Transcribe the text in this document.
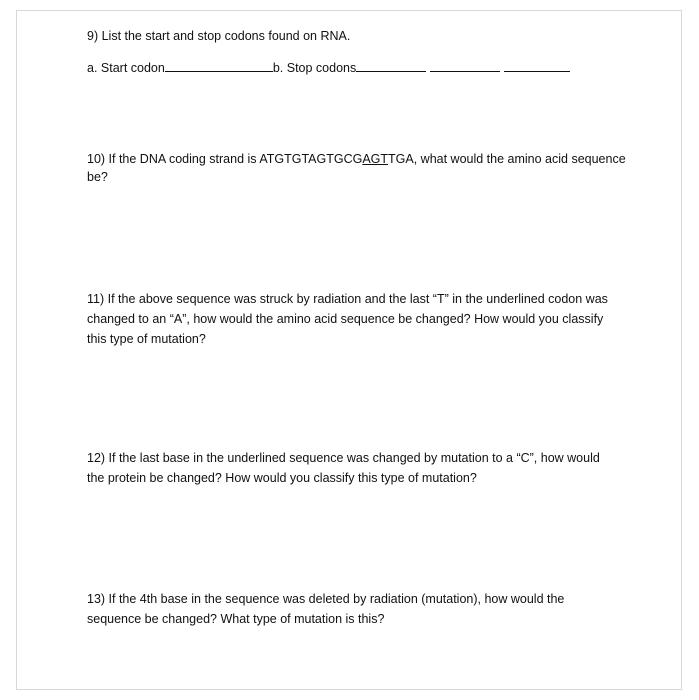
9) List the start and stop codons found on RNA.
a. Start codon	b. Stop codons
10) If the DNA coding strand is ATGTGTAGTGCGAGTTGA, what would the amino acid sequence
be?
11) If the above sequence was struck by radiation and the last “T” in the underlined codon was
changed to an “A”, how would the amino acid sequence be changed? How would you classify
this type of mutation?
12) If the last base in the underlined sequence was changed by mutation to a “C”, how would
the protein be changed? How would you classify this type of mutation?
13) If the 4th base in the sequence was deleted by radiation (mutation), how would the
sequence be changed? What type of mutation is this?
